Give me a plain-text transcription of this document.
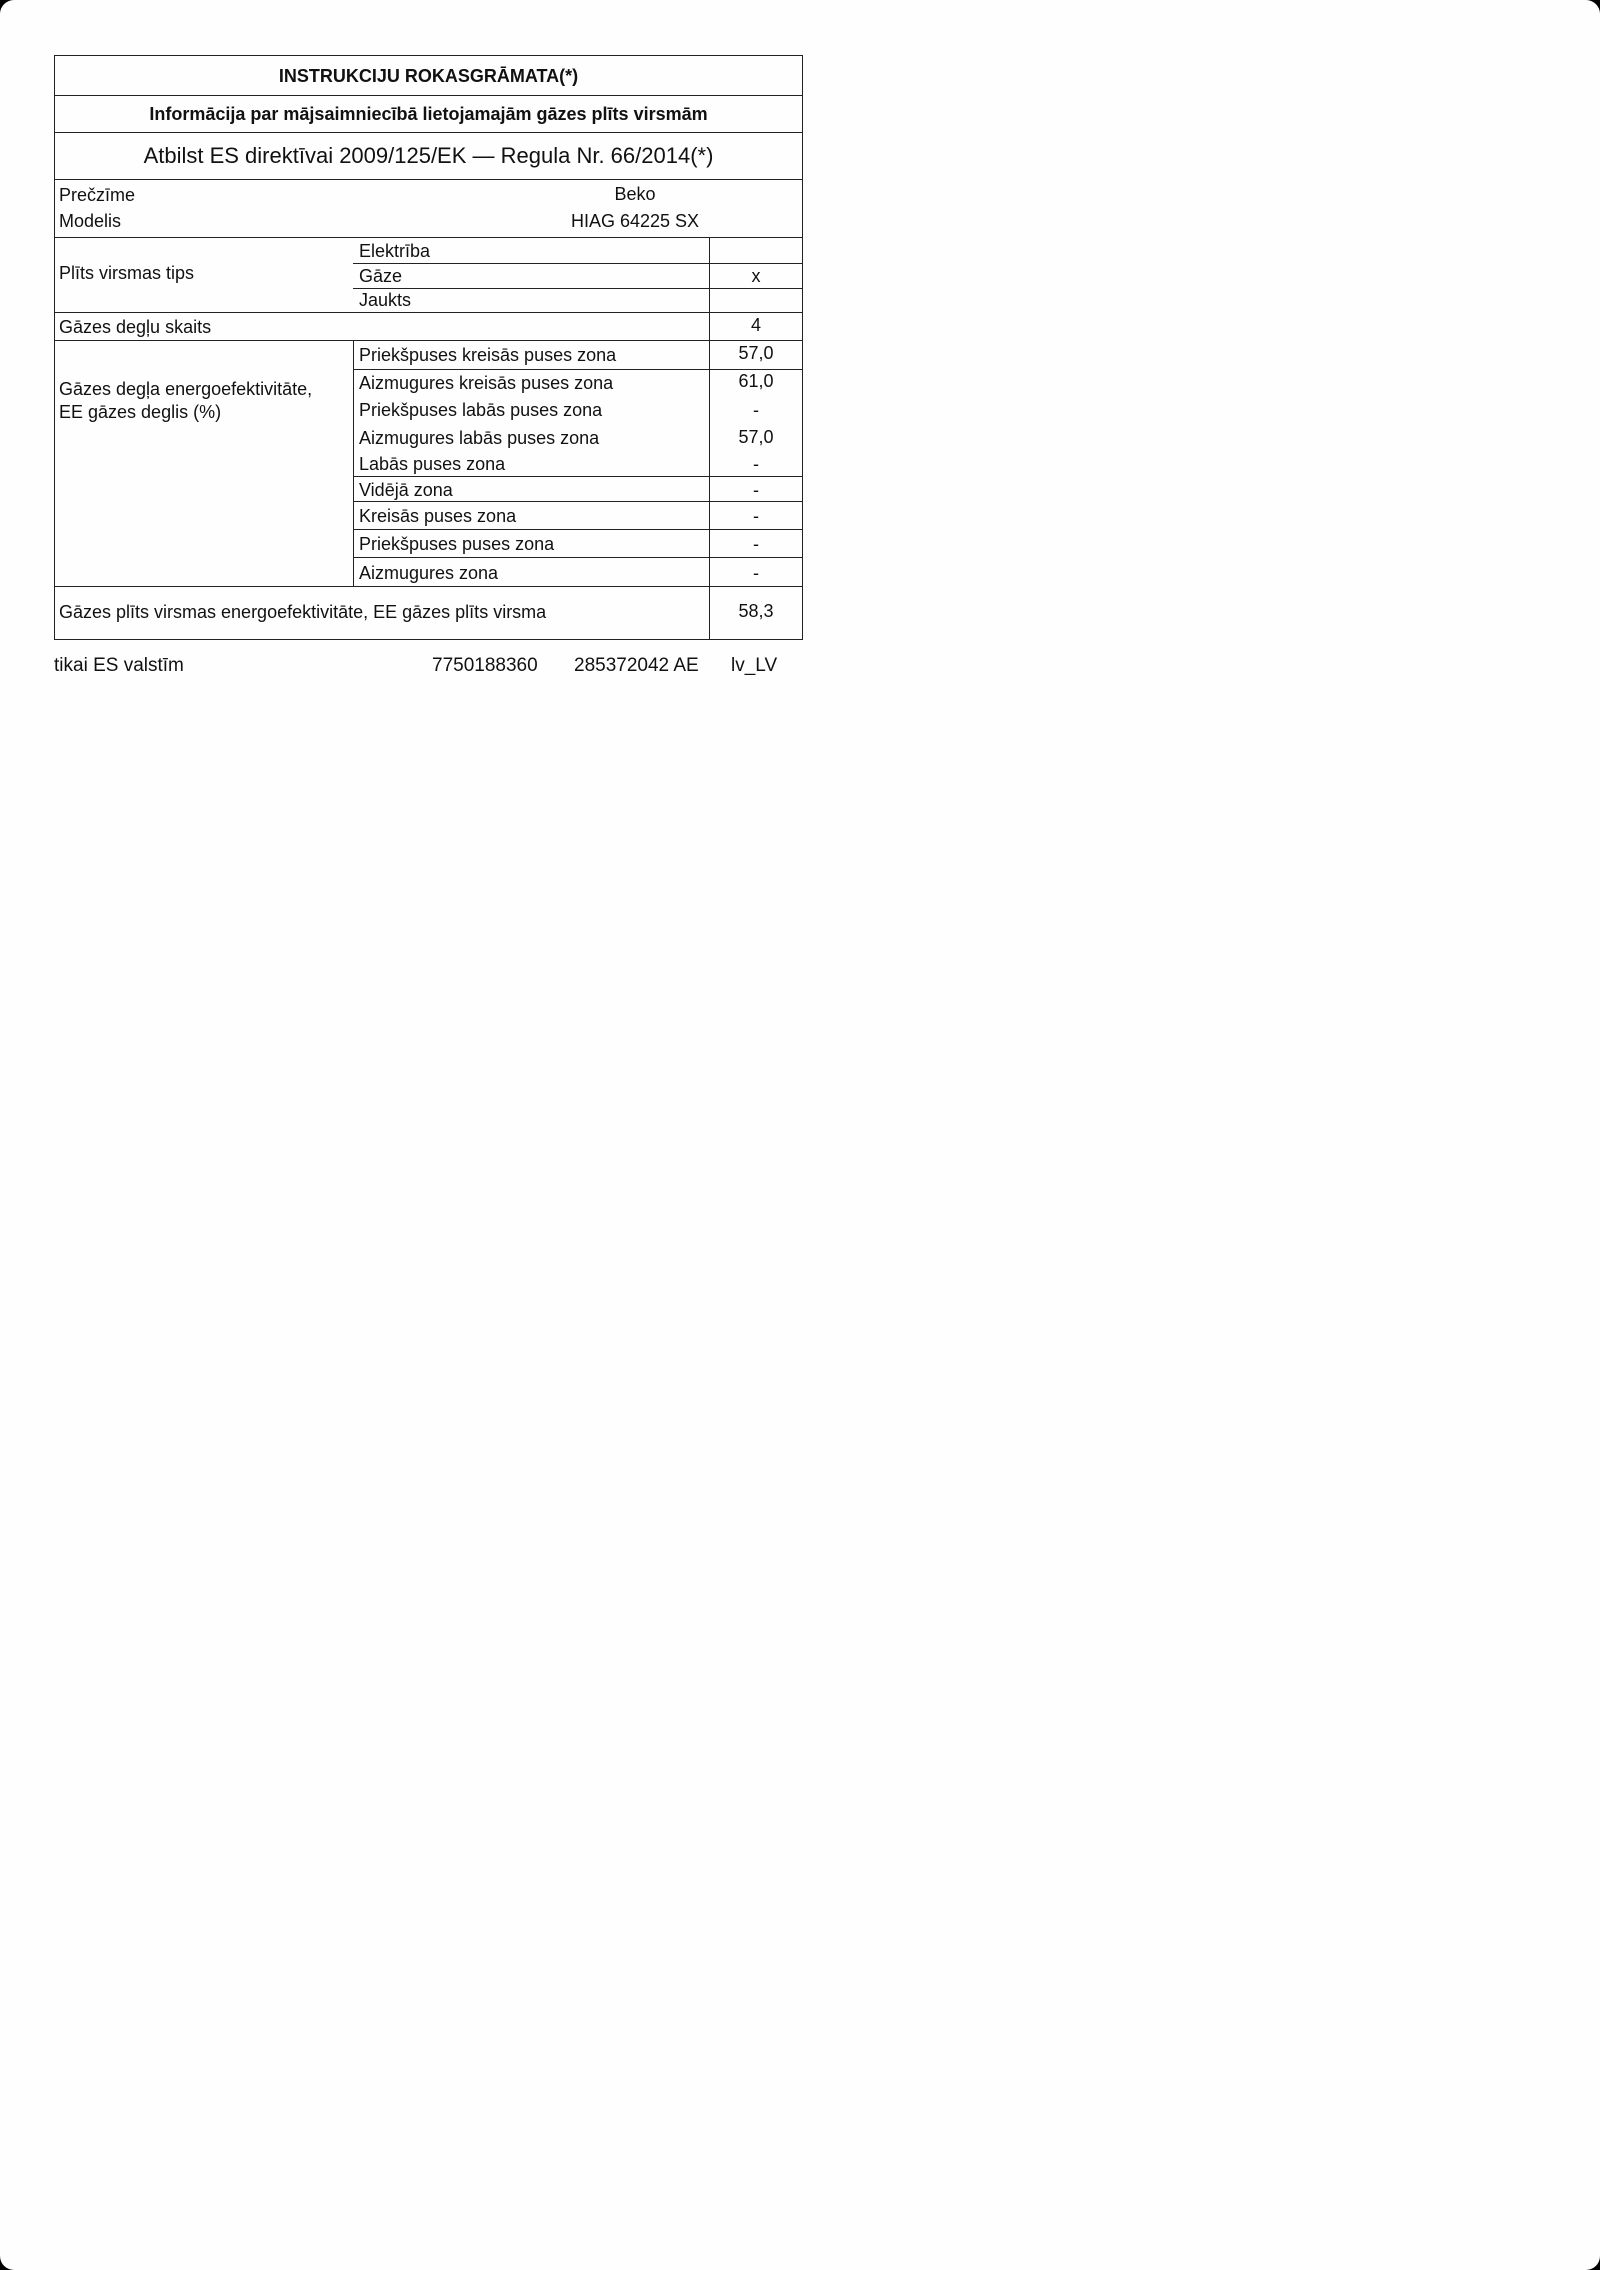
INSTRUKCIJU ROKASGRĀMATA(*)
Informācija par mājsaimniecībā lietojamajām gāzes plīts virsmām
Atbilst ES direktīvai 2009/125/EK — Regula Nr. 66/2014(*)
Prečzīme	Beko
Modelis	HIAG 64225 SX
Plīts virsmas tips
Elektrība
Gāze	x
Jaukts
Gāzes degļu skaits	4
Gāzes degļa energoefektivitāte,
EE gāzes deglis (%)
Priekšpuses kreisās puses zona	57,0
Aizmugures kreisās puses zona	61,0
Priekšpuses labās puses zona	-
Aizmugures labās puses zona	57,0
Labās puses zona	-
Vidējā zona	-
Kreisās puses zona	-
Priekšpuses puses zona	-
Aizmugures zona	-
Gāzes plīts virsmas energoefektivitāte, EE gāzes plīts virsma	58,3
tikai ES valstīm	7750188360 285372042 AE lv_LV
